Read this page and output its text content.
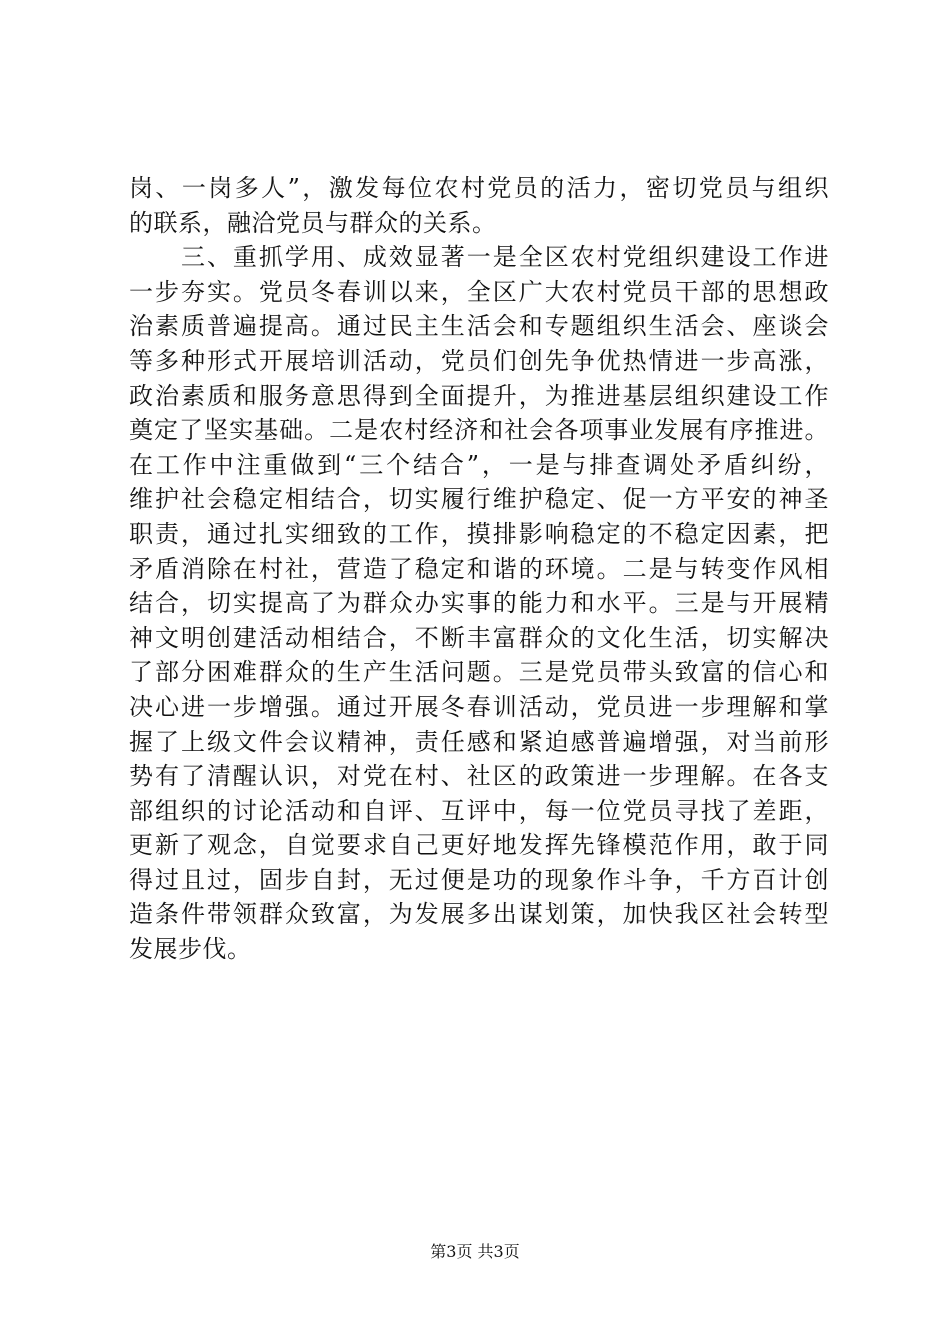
岗、一岗多人”，激发每位农村党员的活力，密切党员与组织
的联系，融洽党员与群众的关系。
　　三、重抓学用、成效显著一是全区农村党组织建设工作进
一步夯实。党员冬春训以来，全区广大农村党员干部的思想政
治素质普遍提高。通过民主生活会和专题组织生活会、座谈会
等多种形式开展培训活动，党员们创先争优热情进一步高涨，
政治素质和服务意思得到全面提升，为推进基层组织建设工作
奠定了坚实基础。二是农村经济和社会各项事业发展有序推进。
在工作中注重做到“三个结合”，一是与排查调处矛盾纠纷，
维护社会稳定相结合，切实履行维护稳定、促一方平安的神圣
职责，通过扎实细致的工作，摸排影响稳定的不稳定因素，把
矛盾消除在村社，营造了稳定和谐的环境。二是与转变作风相
结合，切实提高了为群众办实事的能力和水平。三是与开展精
神文明创建活动相结合，不断丰富群众的文化生活，切实解决
了部分困难群众的生产生活问题。三是党员带头致富的信心和
决心进一步增强。通过开展冬春训活动，党员进一步理解和掌
握了上级文件会议精神，责任感和紧迫感普遍增强，对当前形
势有了清醒认识，对党在村、社区的政策进一步理解。在各支
部组织的讨论活动和自评、互评中，每一位党员寻找了差距，
更新了观念，自觉要求自己更好地发挥先锋模范作用，敢于同
得过且过，固步自封，无过便是功的现象作斗争，千方百计创
造条件带领群众致富，为发展多出谋划策，加快我区社会转型
发展步伐。
第3页 共3页
